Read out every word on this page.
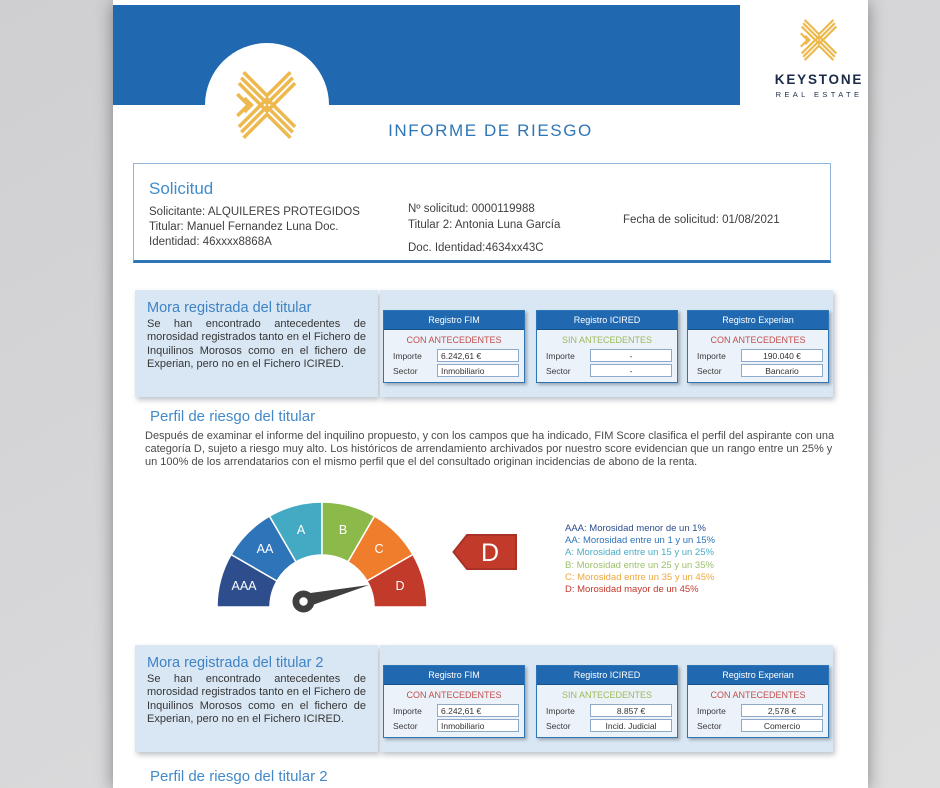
KEYSTONE
REAL ESTATE
INFORME DE RIESGO
Solicitud
Solicitante: ALQUILERES PROTEGIDOS
Titular: Manuel Fernandez Luna Doc.
Identidad: 46xxxx8868A
Nº solicitud: 0000119988
Titular 2: Antonia Luna García
Doc. Identidad:4634xx43C
Fecha de solicitud: 01/08/2021
Mora registrada del titular

Se han encontrado antecedentes de morosidad registrados tanto en el Fichero de Inquilinos Morosos como en el fichero de Experian, pero no en el Fichero ICIRED.

Registro FIM
CON ANTECEDENTES
Importe	6.242,61 €
Sector	Inmobiliario
Registro ICIRED
SIN ANTECEDENTES
Importe	-
Sector	-
Registro Experian
CON ANTECEDENTES
Importe	190.040 €
Sector	Bancario
Perfil de riesgo del titular

Después de examinar el informe del inquilino propuesto, y con los campos que ha indicado, FIM Score clasifica el perfil del aspirante con una categoría D, sujeto a riesgo muy alto. Los históricos de arrendamiento archivados por nuestro score evidencian que un rango entre un 25% y un 100% de los arrendatarios con el mismo perfil que el del consultado originan incidencias de abono de la renta.

AAA
AA
A	B
C
D
D
AAA: Morosidad menor de un 1%
AA: Morosidad entre un 1 y un 15%
A: Morosidad entre un 15 y un 25%
B: Morosidad entre un 25 y un 35%
C: Morosidad entre un 35 y un 45%
D: Morosidad mayor de un 45%
Mora registrada del titular 2

Se han encontrado antecedentes de morosidad registrados tanto en el Fichero de Inquilinos Morosos como en el fichero de Experian, pero no en el Fichero ICIRED.

Registro FIM
CON ANTECEDENTES
Importe	6.242,61 €
Sector	Inmobiliario
Registro ICIRED
SIN ANTECEDENTES
Importe	8.857 €
Sector	Incid. Judicial
Registro Experian
CON ANTECEDENTES
Importe	2,578 €
Sector	Comercio
Perfil de riesgo del titular 2
